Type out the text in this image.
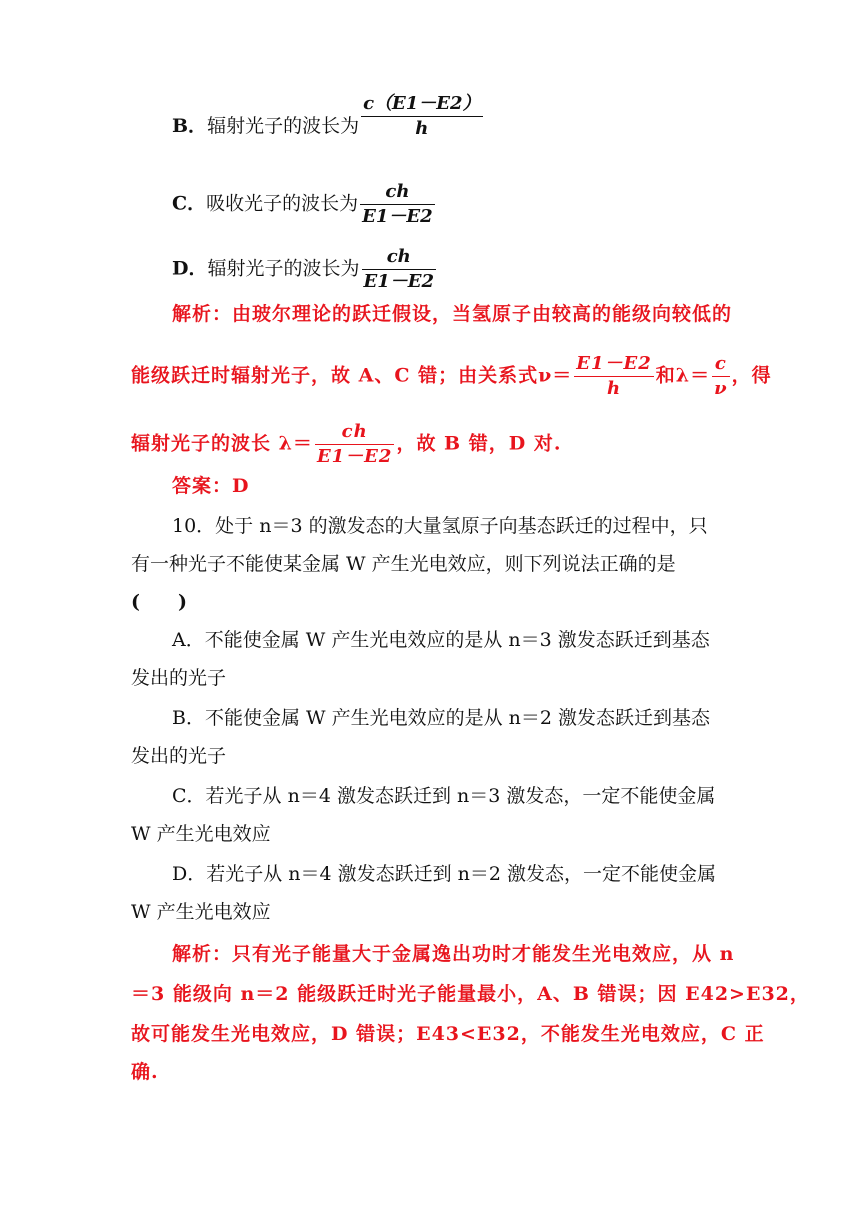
B．辐射光子的波长为 $\frac{c(E1-E2)}{h}$
C．吸收光子的波长为 $\frac{ch}{E1-E2}$
D．辐射光子的波长为 $\frac{ch}{E1-E2}$
解析：由玻尔理论的跃迁假设，当氢原子由较高的能级向较低的
能级跃迁时辐射光子，故 A、C 错；由关系式$\nu= \frac{E1-E2}{h}$ 和$\lambda= \frac{c}{\nu}$ ，得
辐射光子的波长 $\lambda= \frac{ch}{E1-E2}$ ，故 B 错，D 对.
答案：D
10．处于 n＝3 的激发态的大量氢原子向基态跃迁的过程中，只
有一种光子不能使某金属 W 产生光电效应，则下列说法正确的是
(　　)
A．不能使金属 W 产生光电效应的是从 n＝3 激发态跃迁到基态
发出的光子
B．不能使金属 W 产生光电效应的是从 n＝2 激发态跃迁到基态
发出的光子
C．若光子从 n＝4 激发态跃迁到 n＝3 激发态，一定不能使金属
W 产生光电效应
D．若光子从 n＝4 激发态跃迁到 n＝2 激发态，一定不能使金属
W 产生光电效应
解析：只有光子能量大于金属逸出功时才能发生光电效应，从 n
＝3 能级向 n＝2 能级跃迁时光子能量最小，A、B 错误；因 E42>E32，
故可能发生光电效应，D 错误；E43<E32，不能发生光电效应，C 正
确.
